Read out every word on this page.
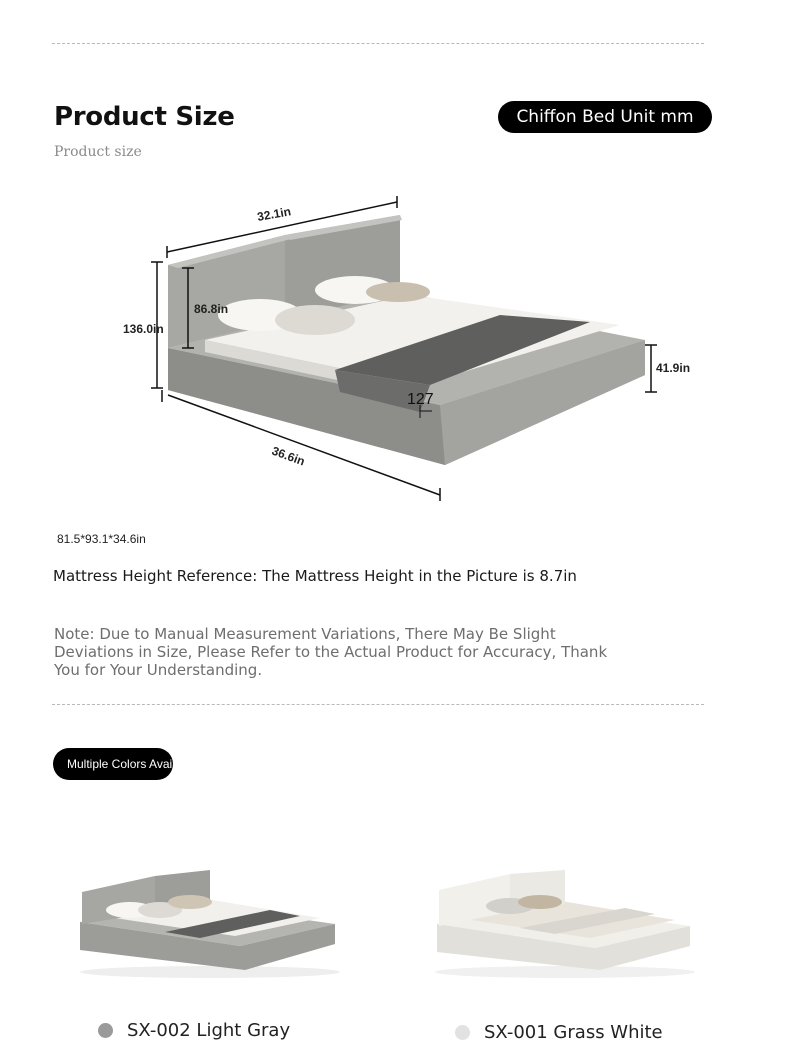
Product Size
Product size
Chiffon Bed Unit mm
32.1in
136.0in
86.8in
41.9in
36.6in
127
81.5*93.1*34.6in
Mattress Height Reference: The Mattress Height in the Picture is 8.7in
Note: Due to Manual Measurement Variations, There May Be Slight Deviations in Size, Please Refer to the Actual Product for Accuracy, Thank You for Your Understanding.
Multiple Colors Available
SX-002 Light Gray	SX-001 Grass White
